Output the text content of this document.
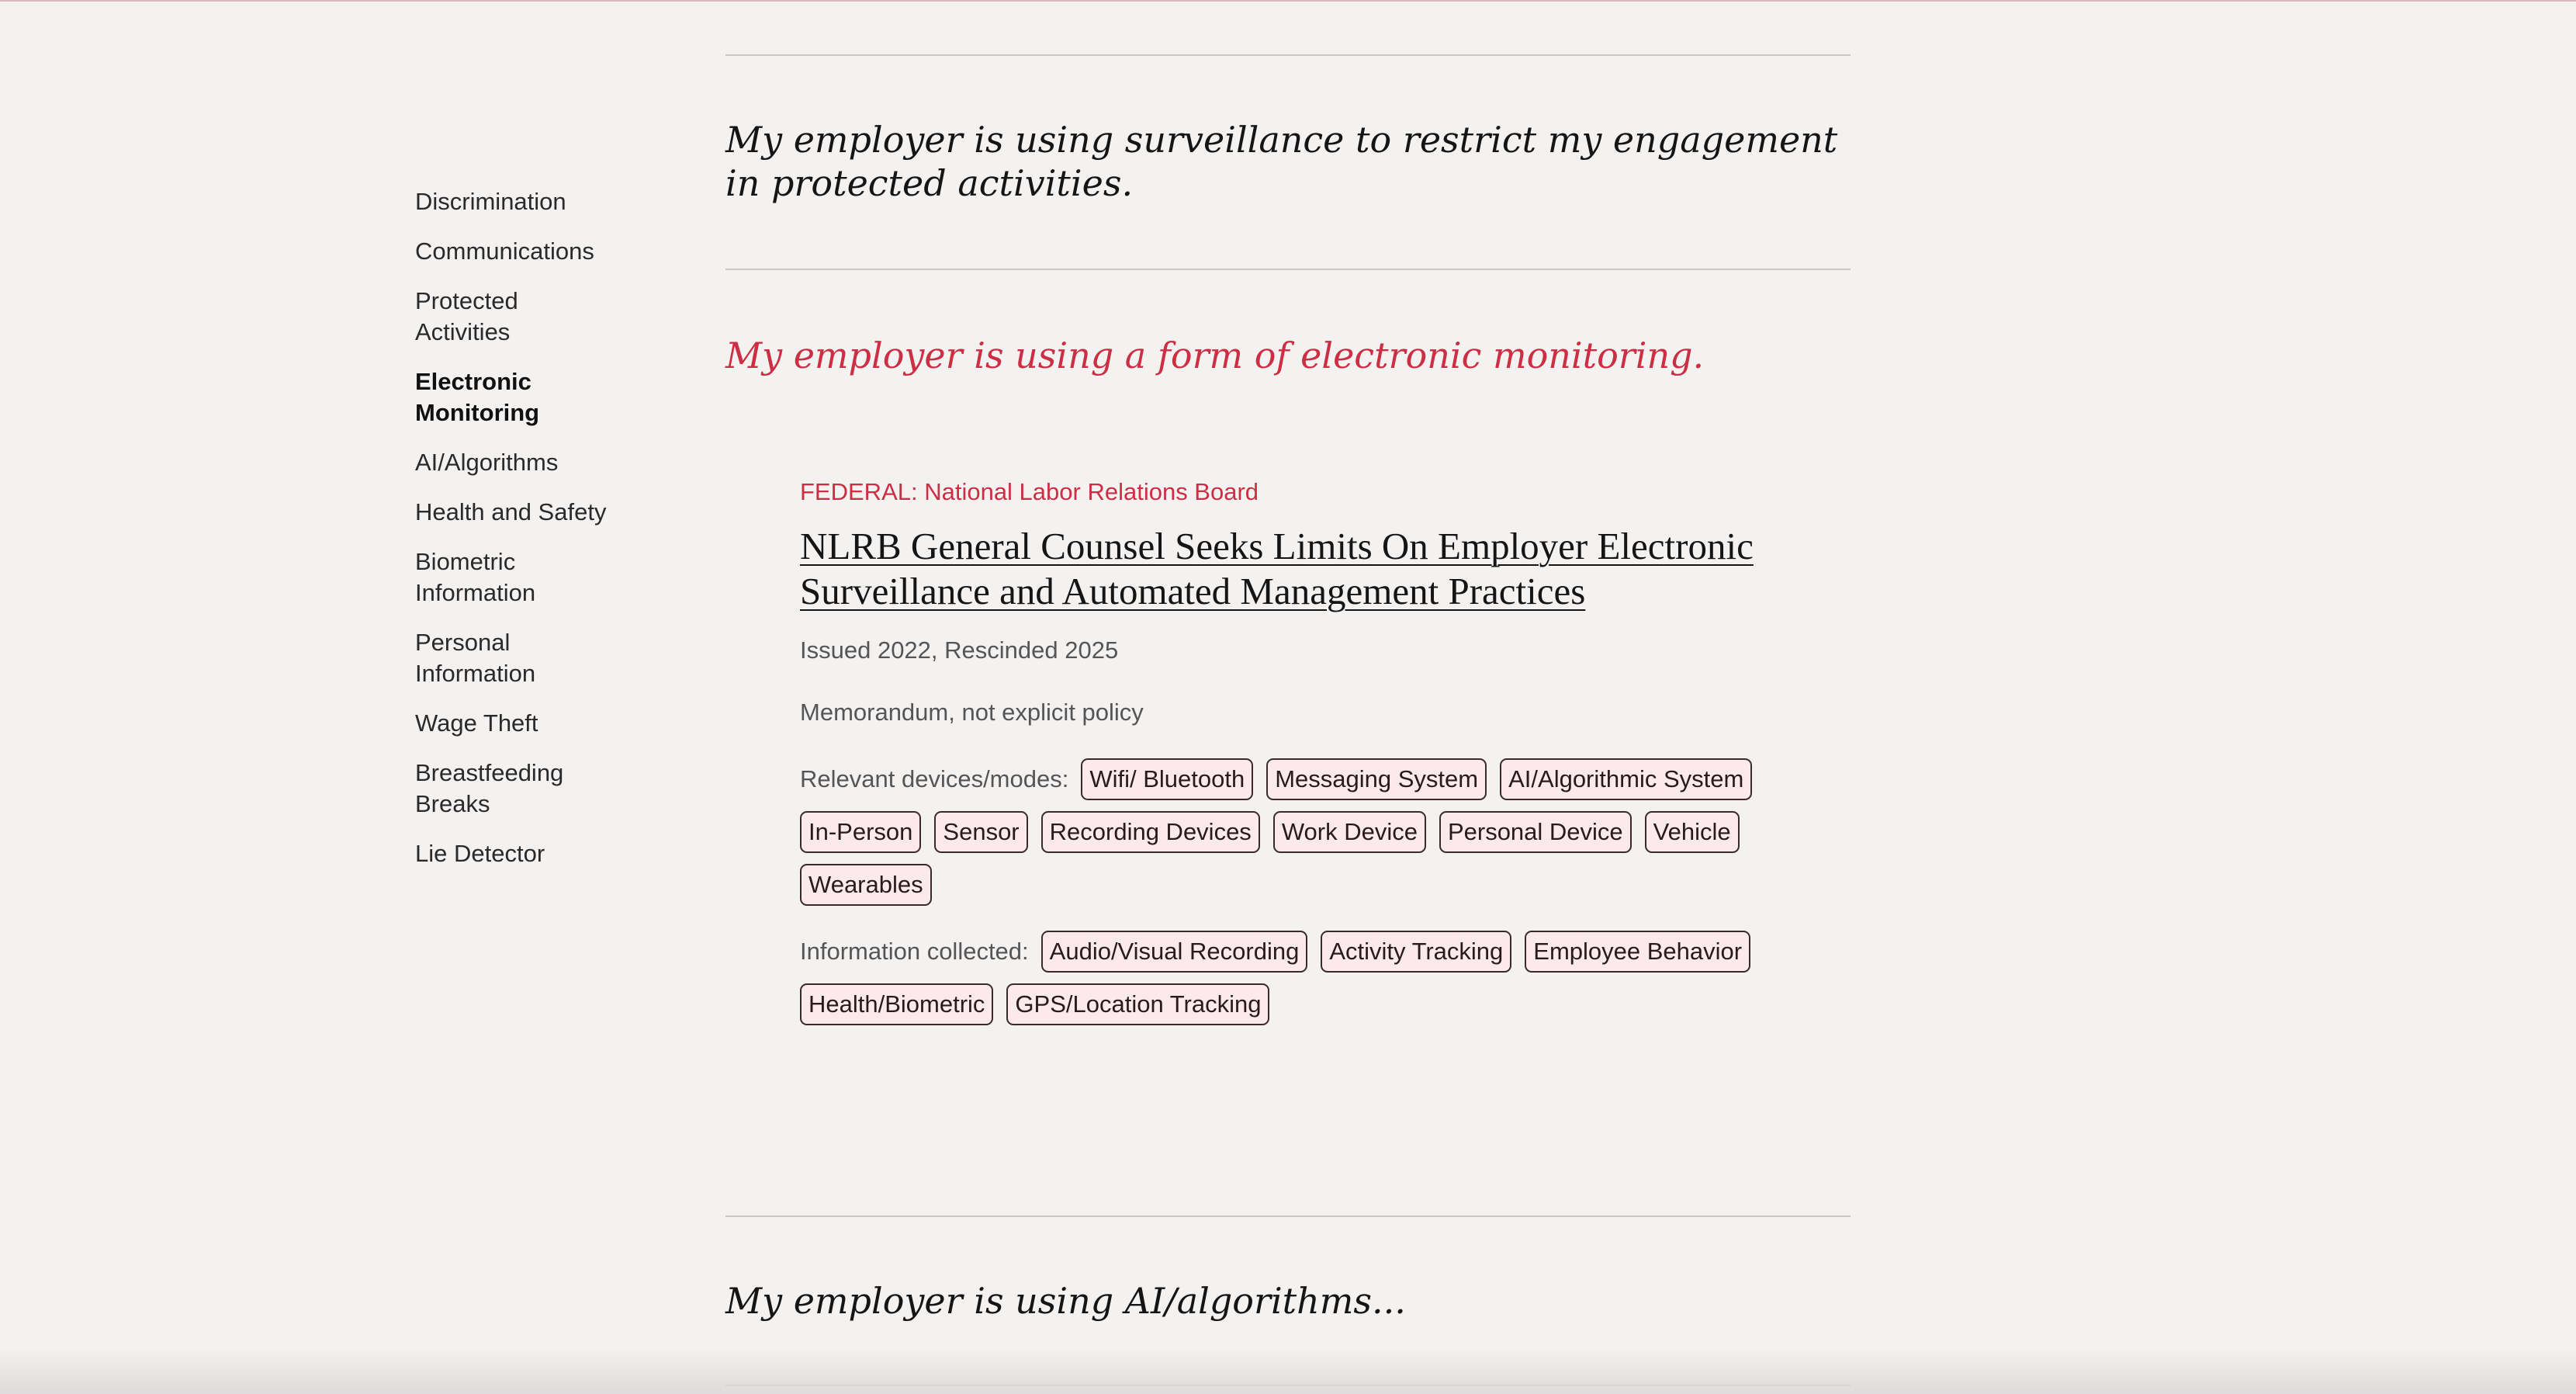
Discrimination
Communications
Protected Activities
Electronic Monitoring
AI/Algorithms
Health and Safety
Biometric Information
Personal Information
Wage Theft
Breastfeeding Breaks
Lie Detector
My employer is using surveillance to restrict my engagement in protected activities.
My employer is using a form of electronic monitoring.
FEDERAL: National Labor Relations Board
NLRB General Counsel Seeks Limits On Employer Electronic Surveillance and Automated Management Practices
Issued 2022, Rescinded 2025
Memorandum, not explicit policy
Relevant devices/modes: Wifi/ Bluetooth	Messaging System	AI/Algorithmic System
In-Person	Sensor	Recording Devices	Work Device	Personal Device	Vehicle
Wearables
Information collected: Audio/Visual Recording	Activity Tracking	Employee Behavior
Health/Biometric	GPS/Location Tracking
My employer is using AI/algorithms...
